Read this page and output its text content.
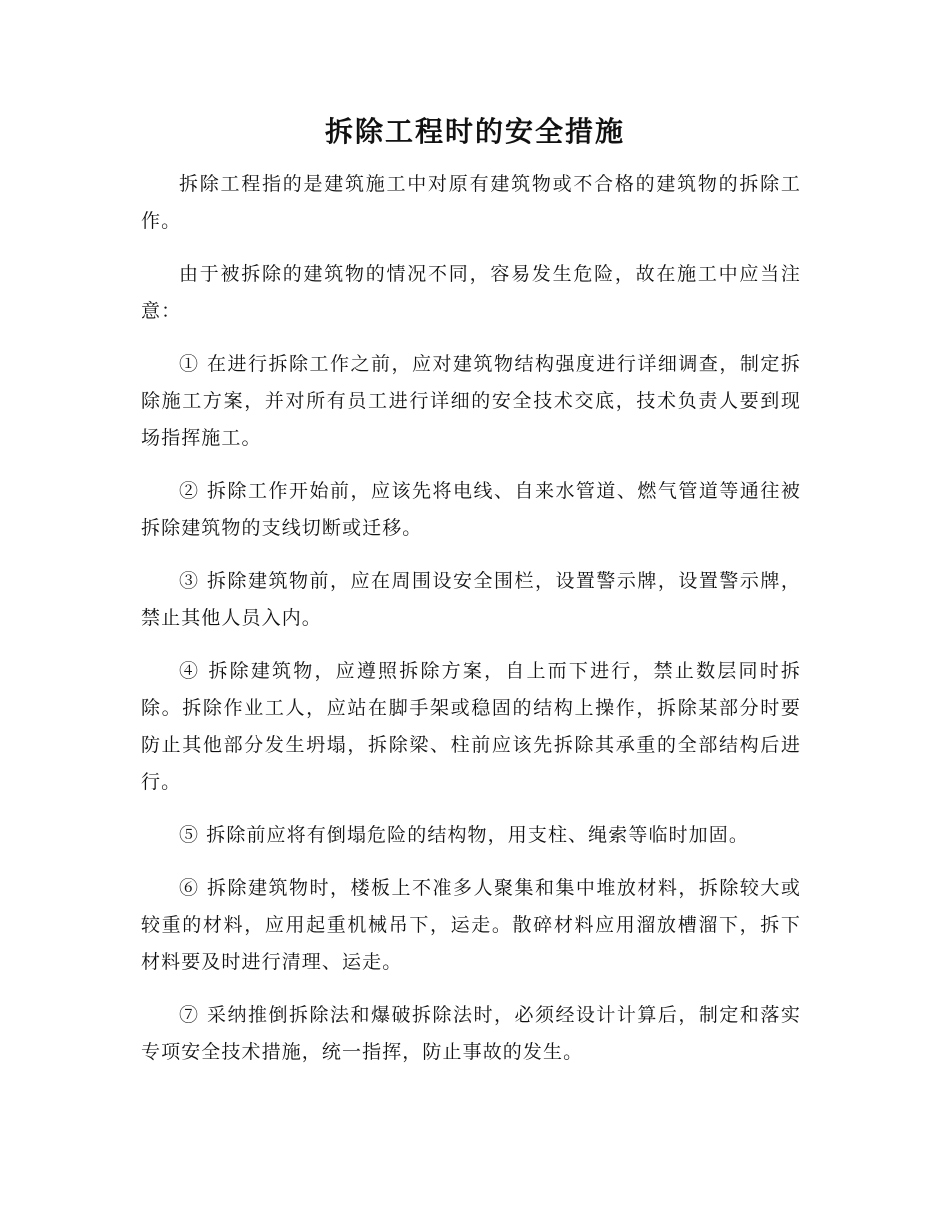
拆除工程时的安全措施

拆除工程指的是建筑施工中对原有建筑物或不合格的建筑物的拆除工作。

由于被拆除的建筑物的情况不同，容易发生危险，故在施工中应当注意：

① 在进行拆除工作之前，应对建筑物结构强度进行详细调查，制定拆除施工方案，并对所有员工进行详细的安全技术交底，技术负责人要到现场指挥施工。

② 拆除工作开始前，应该先将电线、自来水管道、燃气管道等通往被拆除建筑物的支线切断或迁移。

③ 拆除建筑物前，应在周围设安全围栏，设置警示牌，设置警示牌，禁止其他人员入内。

④ 拆除建筑物，应遵照拆除方案，自上而下进行，禁止数层同时拆除。拆除作业工人，应站在脚手架或稳固的结构上操作，拆除某部分时要防止其他部分发生坍塌，拆除梁、柱前应该先拆除其承重的全部结构后进行。

⑤ 拆除前应将有倒塌危险的结构物，用支柱、绳索等临时加固。

⑥ 拆除建筑物时，楼板上不准多人聚集和集中堆放材料，拆除较大或较重的材料，应用起重机械吊下，运走。散碎材料应用溜放槽溜下，拆下材料要及时进行清理、运走。

⑦ 采纳推倒拆除法和爆破拆除法时，必须经设计计算后，制定和落实专项安全技术措施，统一指挥，防止事故的发生。
